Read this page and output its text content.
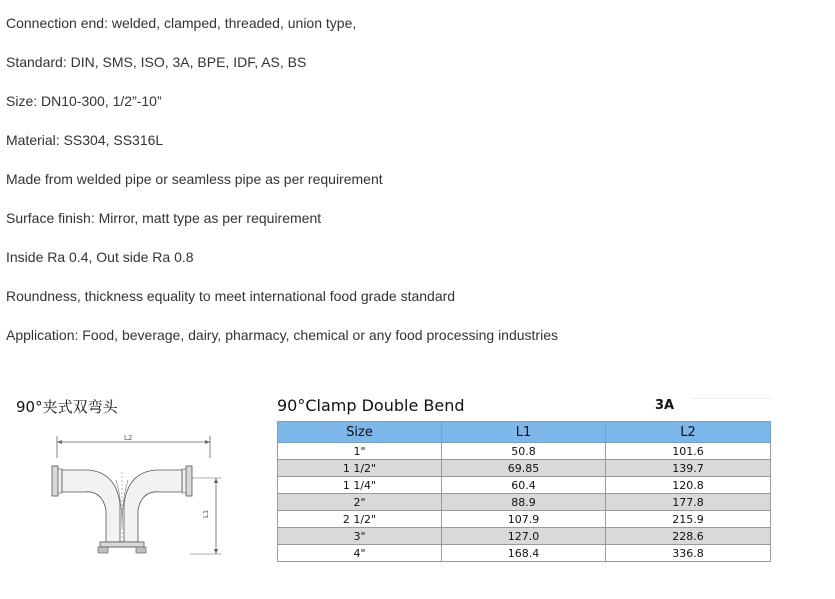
Connection end: welded, clamped, threaded, union type,
Standard: DIN, SMS, ISO, 3A, BPE, IDF, AS, BS
Size: DN10-300, 1/2”-10”
Material: SS304, SS316L
Made from welded pipe or seamless pipe as per requirement
Surface finish: Mirror, matt type as per requirement
Inside Ra 0.4, Out side Ra 0.8
Roundness, thickness equality to meet international food grade standard
Application: Food, beverage, dairy, pharmacy, chemical or any food processing industries
90°夹式双弯头
L2
L1
90°Clamp Double Bend	3A
Size	L1	L2
1"	50.8	101.6
1 1/2"	69.85	139.7
1 1/4"	60.4	120.8
2"	88.9	177.8
2 1/2"	107.9	215.9
3"	127.0	228.6
4"	168.4	336.8
